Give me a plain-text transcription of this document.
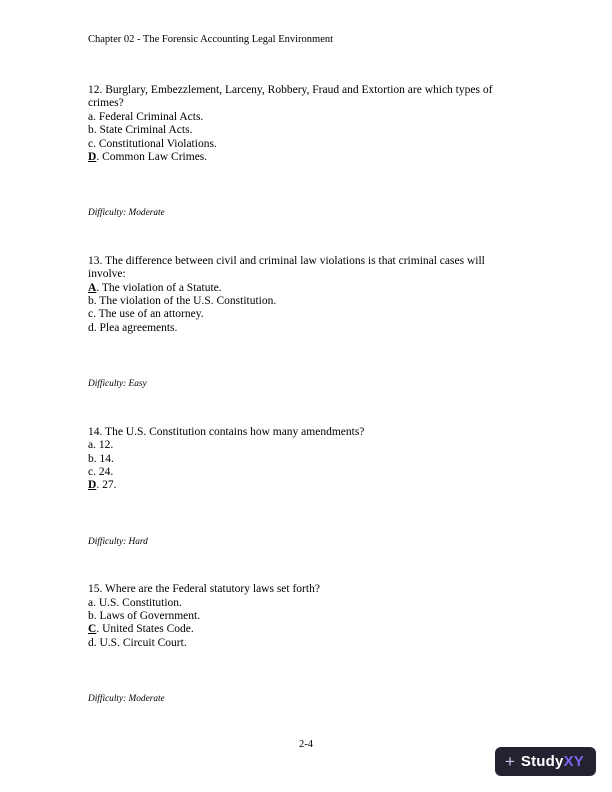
Chapter 02 - The Forensic Accounting Legal Environment
12. Burglary, Embezzlement, Larceny, Robbery, Fraud and Extortion are which types of crimes?
a. Federal Criminal Acts.
b. State Criminal Acts.
c. Constitutional Violations.
D. Common Law Crimes.
Difficulty: Moderate
13. The difference between civil and criminal law violations is that criminal cases will involve:
A. The violation of a Statute.
b. The violation of the U.S. Constitution.
c. The use of an attorney.
d. Plea agreements.
Difficulty: Easy
14. The U.S. Constitution contains how many amendments?
a. 12.
b. 14.
c. 24.
D. 27.
Difficulty: Hard
15. Where are the Federal statutory laws set forth?
a. U.S. Constitution.
b. Laws of Government.
C. United States Code.
d. U.S. Circuit Court.
Difficulty: Moderate
2-4
+ StudyXY
